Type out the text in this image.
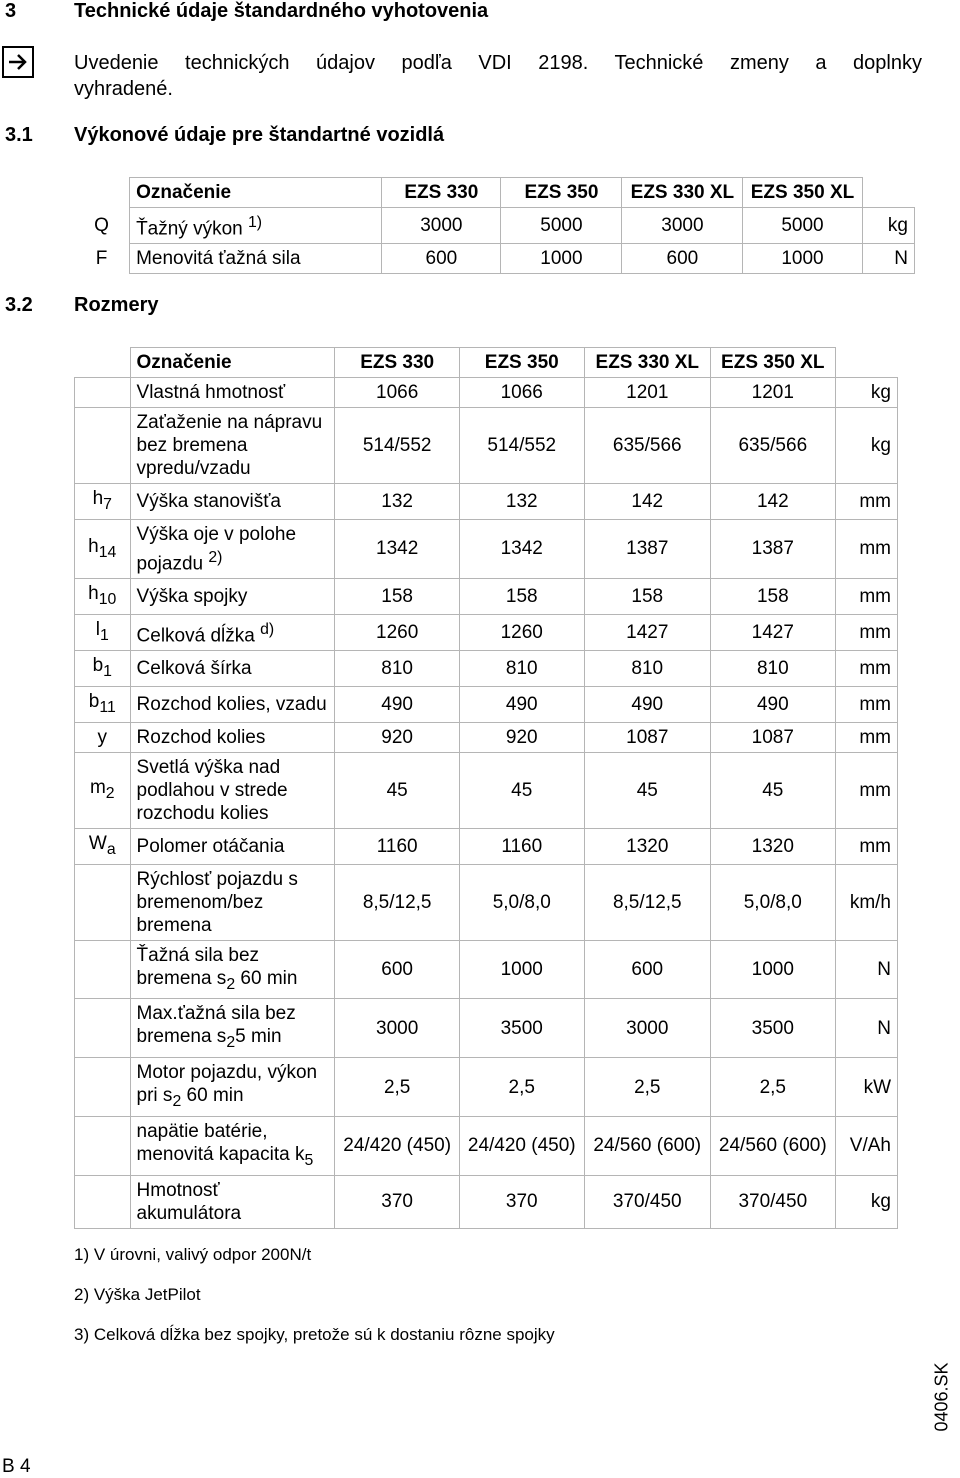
3	Technické údaje štandardného vyhotovenia
Uvedenie technických údajov podľa VDI 2198. Technické zmeny a doplnky
vyhradené.
3.1 Výkonové údaje pre štandartné vozidlá
	Označenie	EZS 330	EZS 350	EZS 330 XL	EZS 350 XL	
Q	Ťažný výkon $^{1)}$	3000	5000	3000	5000	kg
F	Menovitá ťažná sila	600	1000	600	1000	N
3.2 Rozmery
	Označenie	EZS 330	EZS 350	EZS 330 XL	EZS 350 XL	
	Vlastná hmotnosť	1066	1066	1201	1201	kg
	Zaťaženie na nápravu bez bremena vpredu/vzadu	514/552	514/552	635/566	635/566	kg
$h_7$	Výška stanovišťa	132	132	142	142	mm
$h_{14}$	Výška oje v polohe pojazdu $^{2)}$	1342	1342	1387	1387	mm
$h_{10}$	Výška spojky	158	158	158	158	mm
$l_1$	Celková dĺžka $^{d)}$	1260	1260	1427	1427	mm
$b_1$	Celková šírka	810	810	810	810	mm
$b_{11}$	Rozchod kolies, vzadu	490	490	490	490	mm
y	Rozchod kolies	920	920	1087	1087	mm
$m_2$	Svetlá výška nad podlahou v strede rozchodu kolies	45	45	45	45	mm
$W_a$	Polomer otáčania	1160	1160	1320	1320	mm
	Rýchlosť pojazdu s bremenom/bez bremena	8,5/12,5	5,0/8,0	8,5/12,5	5,0/8,0	km/h
	Ťažná sila bez bremena $s_2$ 60 min	600	1000	600	1000	N
	Max.ťažná sila bez bremena $s_25$ min	3000	3500	3000	3500	N
	Motor pojazdu, výkon pri $s_2$ 60 min	2,5	2,5	2,5	2,5	kW
	napätie batérie, menovitá kapacita $k_5$	24/420 (450)	24/420 (450)	24/560 (600)	24/560 (600)	V/Ah
	Hmotnosť akumulátora	370	370	370/450	370/450	kg
1) V úrovni, valivý odpor 200N/t
2) Výška JetPilot
3) Celková dĺžka bez spojky, pretože sú k dostaniu rôzne spojky
B 4
0406.SK
